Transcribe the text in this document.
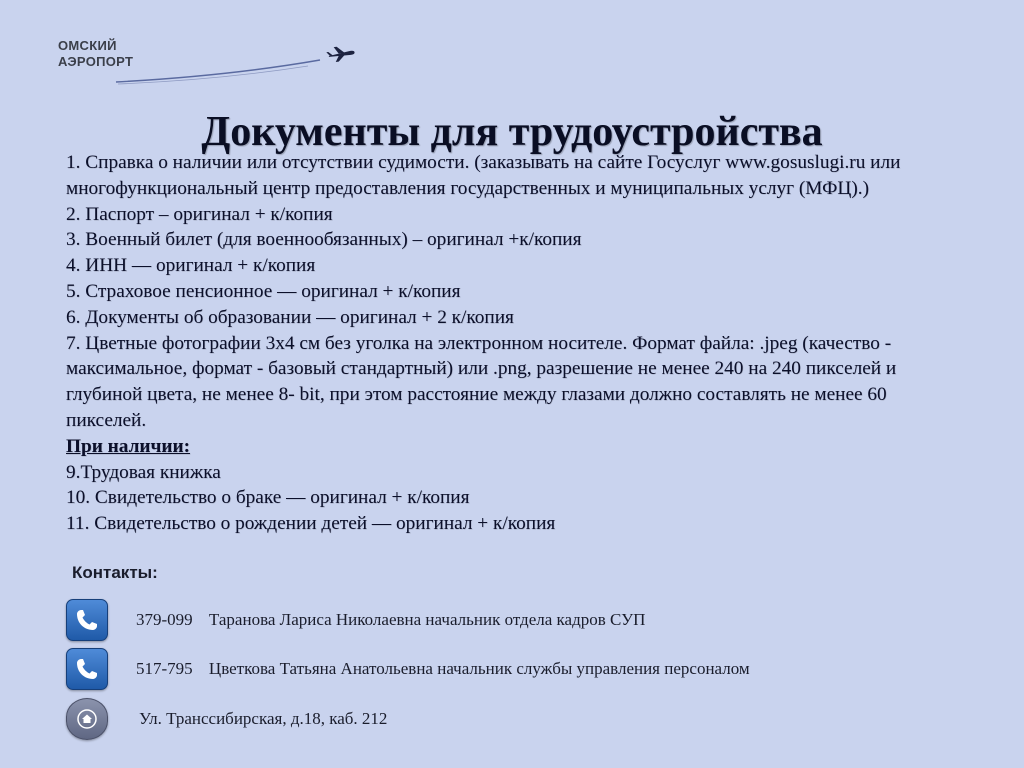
ОМСКИЙ
АЭРОПОРТ
Документы для трудоустройства
1. Справка о наличии или отсутствии судимости. (заказывать на сайте Госуслуг www.gosuslugi.ru или многофункциональный центр предоставления государственных и муниципальных услуг (МФЦ).)
2. Паспорт – оригинал + к/копия
3. Военный билет (для военнообязанных) – оригинал +к/копия
4. ИНН — оригинал + к/копия
5. Страховое пенсионное — оригинал + к/копия
6. Документы об образовании — оригинал + 2 к/копия
7. Цветные фотографии 3х4 см без уголка на электронном носителе. Формат файла: .jpeg (качество - максимальное, формат - базовый стандартный) или .png, разрешение не менее 240 на 240 пикселей и глубиной цвета, не менее 8- bit, при этом расстояние между глазами должно составлять не менее 60 пикселей.
При наличии:
9.Трудовая книжка
10. Свидетельство о браке — оригинал + к/копия
11. Свидетельство о рождении детей — оригинал + к/копия
Контакты:
379-099 Таранова Лариса Николаевна начальник отдела кадров СУП
517-795 Цветкова Татьяна Анатольевна начальник службы управления персоналом
Ул. Транссибирская, д.18, каб. 212
